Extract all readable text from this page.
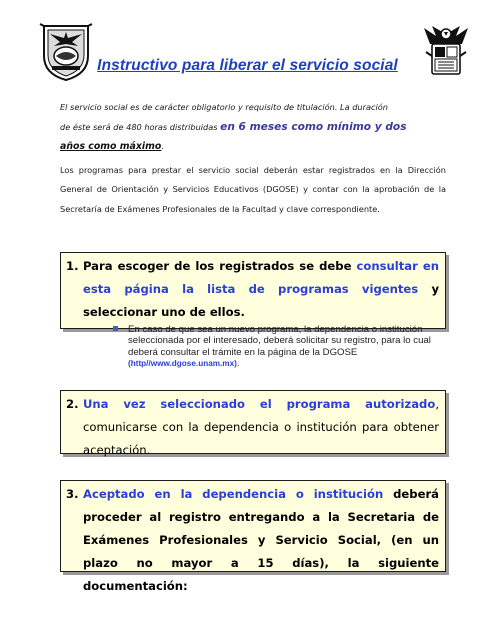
Instructivo para liberar el servicio social

El servicio social es de carácter obligatorio y requisito de titulación. La duración
de éste será de 480 horas distribuidas en 6 meses como mínimo y dos
años como máximo.

Los programas para prestar el servicio social deberán estar registrados en la Dirección General de Orientación y Servicios Educativos (DGOSE) y contar con la aprobación de la Secretaría de Exámenes Profesionales de la Facultad y clave correspondiente.

1. Para escoger de los registrados se debe consultar en esta página la lista de programas vigentes y seleccionar uno de ellos.
En caso de que sea un nuevo programa, la dependencia o institución seleccionada por el interesado, deberá solicitar su registro, para lo cual deberá consultar el trámite en la página de la DGOSE (http//www.dgose.unam.mx).
2. Una vez seleccionado el programa autorizado, comunicarse con la dependencia o institución para obtener aceptación.
3. Aceptado en la dependencia o institución deberá proceder al registro entregando a la Secretaria de Exámenes Profesionales y Servicio Social, (en un plazo no mayor a 15 días), la siguiente documentación:
